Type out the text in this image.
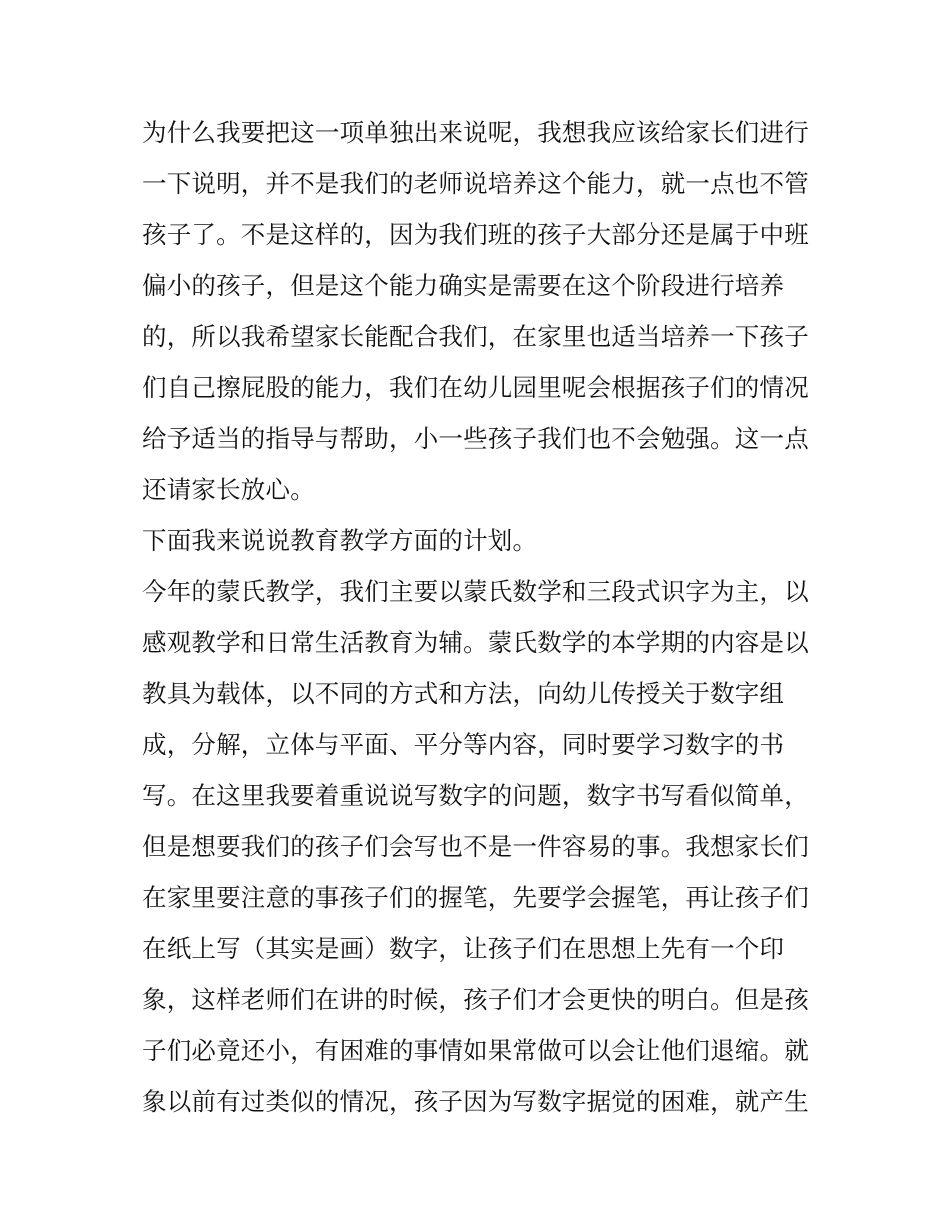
为什么我要把这一项单独出来说呢，我想我应该给家长们进行
一下说明，并不是我们的老师说培养这个能力，就一点也不管
孩子了。不是这样的，因为我们班的孩子大部分还是属于中班
偏小的孩子，但是这个能力确实是需要在这个阶段进行培养
的，所以我希望家长能配合我们，在家里也适当培养一下孩子
们自己擦屁股的能力，我们在幼儿园里呢会根据孩子们的情况
给予适当的指导与帮助，小一些孩子我们也不会勉强。这一点
还请家长放心。
下面我来说说教育教学方面的计划。
今年的蒙氏教学，我们主要以蒙氏数学和三段式识字为主，以
感观教学和日常生活教育为辅。蒙氏数学的本学期的内容是以
教具为载体，以不同的方式和方法，向幼儿传授关于数字组
成，分解，立体与平面、平分等内容，同时要学习数字的书
写。在这里我要着重说说写数字的问题，数字书写看似简单，
但是想要我们的孩子们会写也不是一件容易的事。我想家长们
在家里要注意的事孩子们的握笔，先要学会握笔，再让孩子们
在纸上写（其实是画）数字，让孩子们在思想上先有一个印
象，这样老师们在讲的时候，孩子们才会更快的明白。但是孩
子们必竟还小，有困难的事情如果常做可以会让他们退缩。就
象以前有过类似的情况，孩子因为写数字据觉的困难，就产生
